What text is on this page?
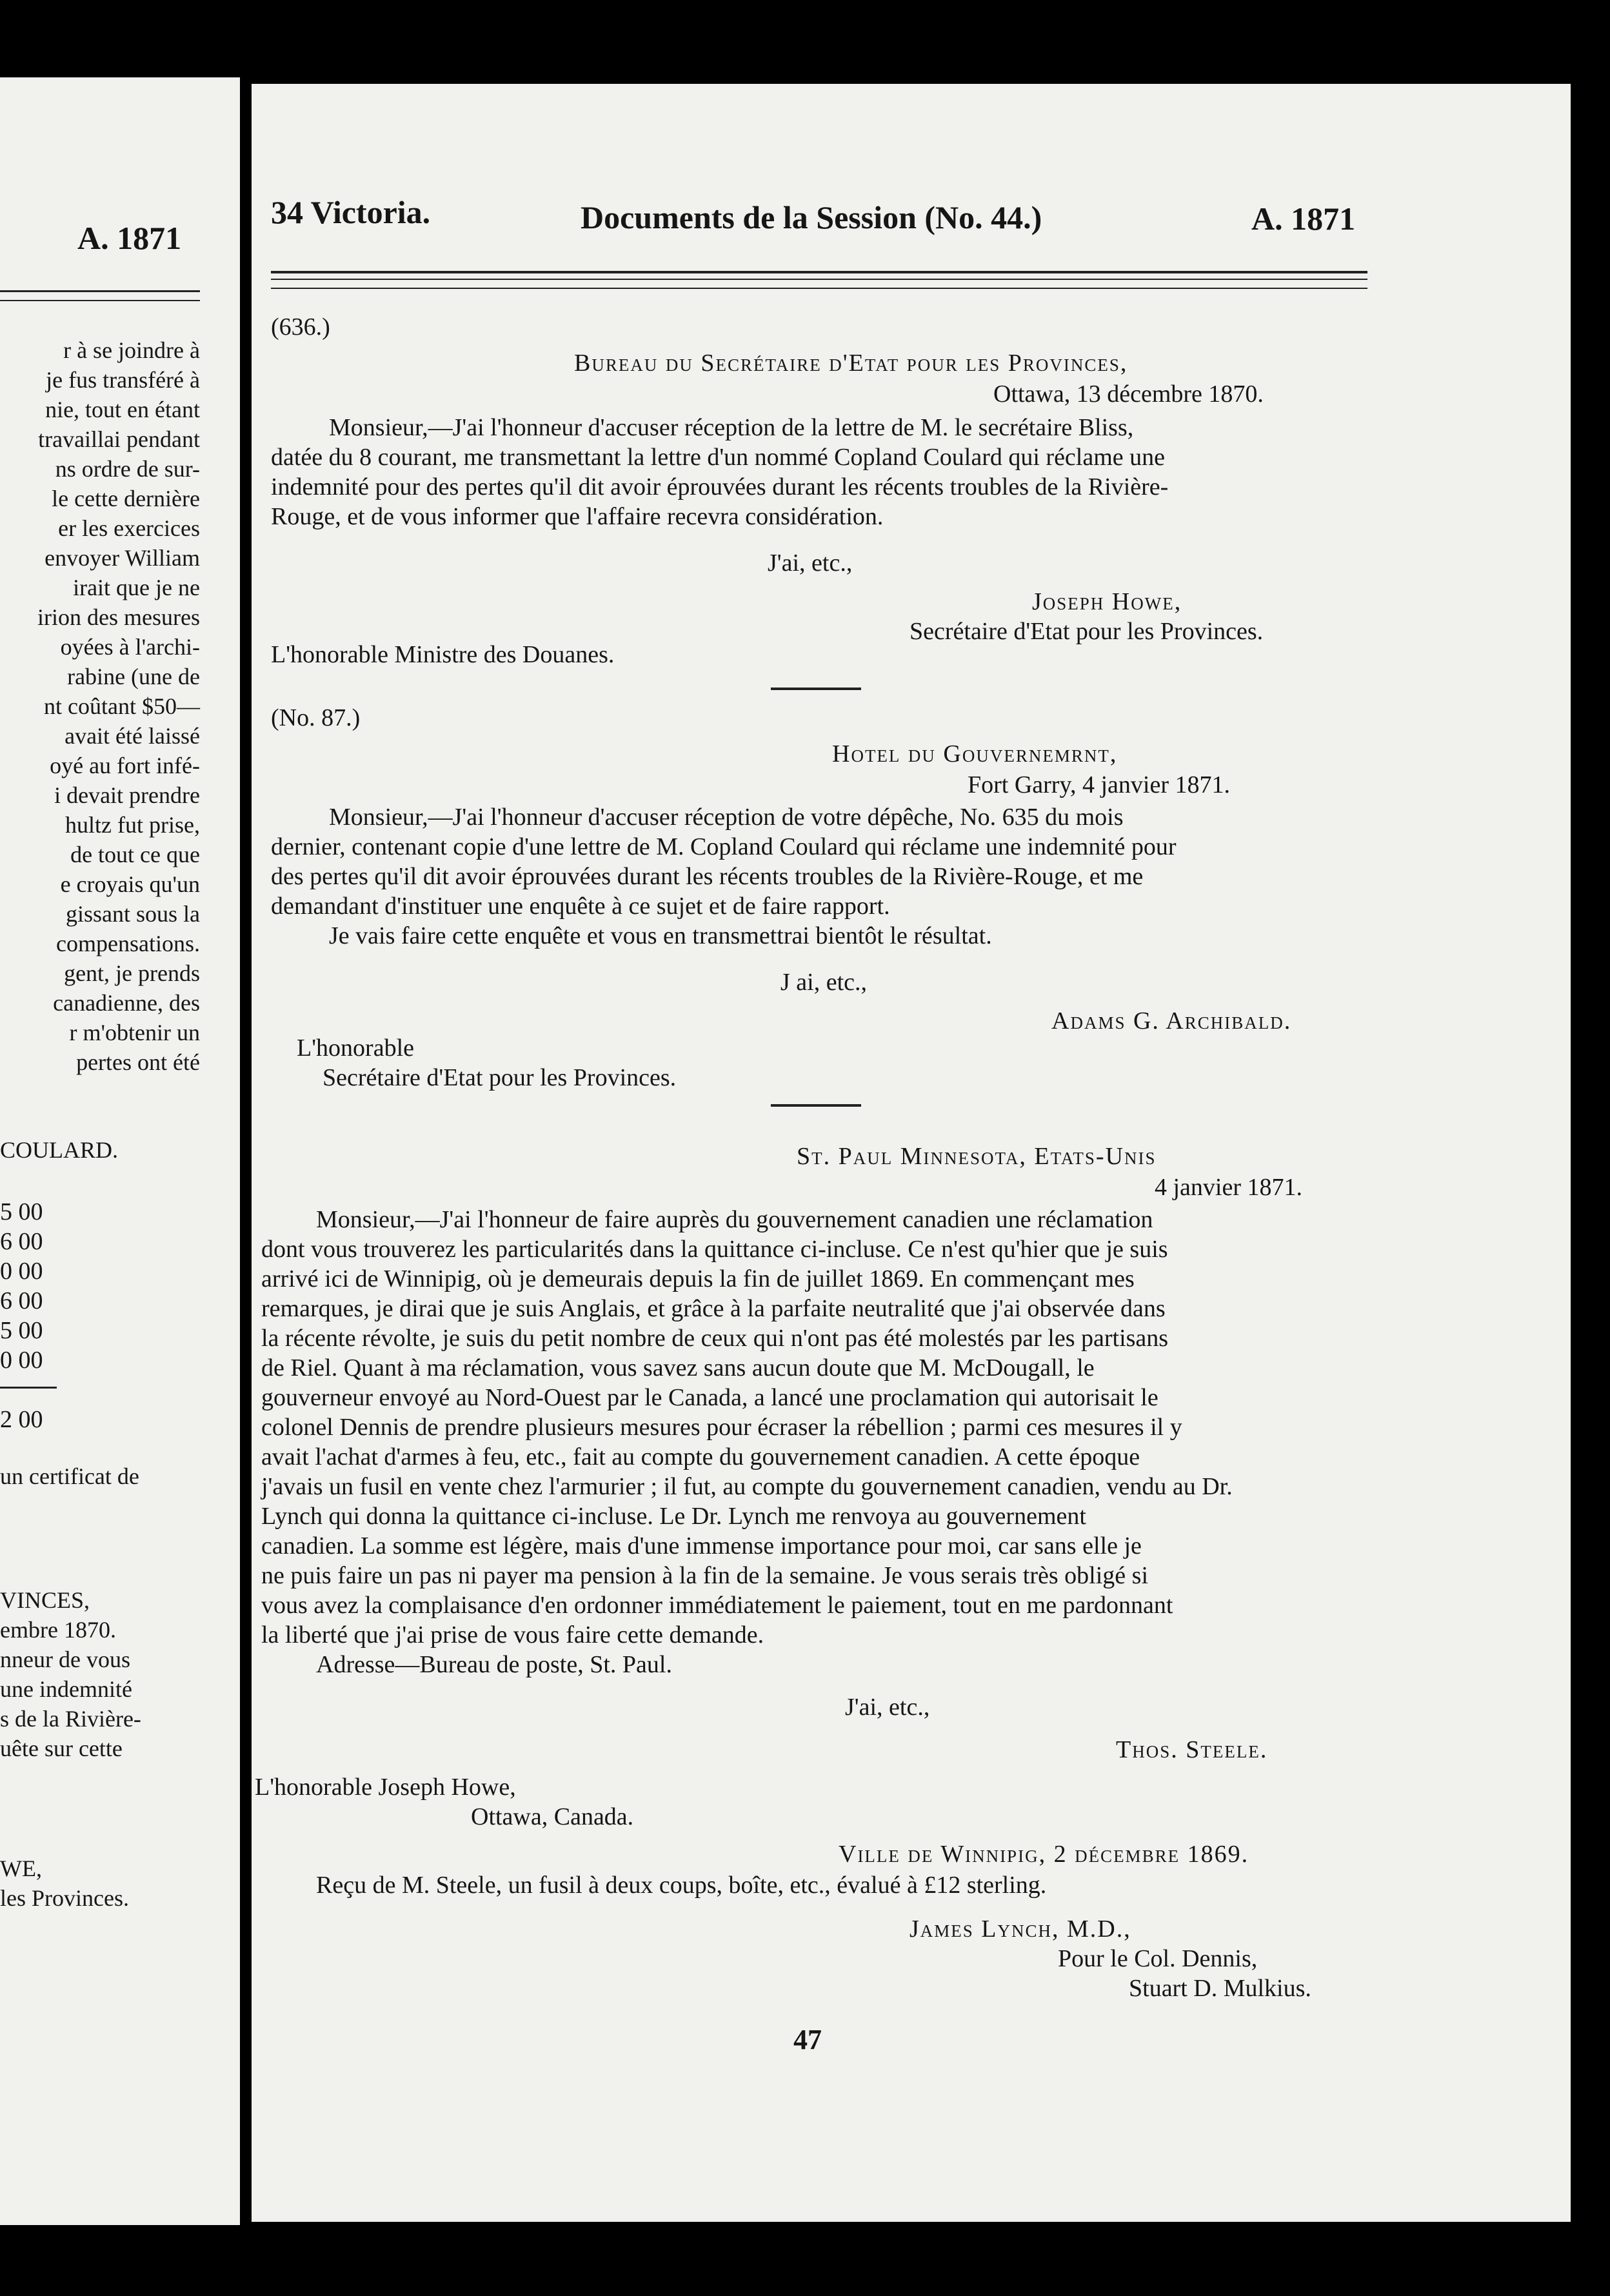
A. 1871
r à se joindre à
je fus transféré à
nie, tout en étant
travaillai pendant
ns ordre de sur-
le cette dernière
er les exercices
envoyer William
irait que je ne
irion des mesures
oyées à l'archi-
rabine (une de
nt coûtant $50—
avait été laissé
oyé au fort infé-
i devait prendre
hultz fut prise,
de tout ce que
e croyais qu'un
gissant sous la
compensations.
gent, je prends
canadienne, des
r m'obtenir un
pertes ont été
COULARD.
5 00
6 00
0 00
6 00
5 00
0 00
2 00
un certificat de
VINCES,
embre 1870.
nneur de vous
une indemnité
s de la Rivière-
uête sur cette
WE,
les Provinces.
34 Victoria.	Documents de la Session (No. 44.)	A. 1871
(636.)
Bureau du Secrétaire d'Etat pour les Provinces,
Ottawa, 13 décembre 1870.
Monsieur,—J'ai l'honneur d'accuser réception de la lettre de M. le secrétaire Bliss,
datée du 8 courant, me transmettant la lettre d'un nommé Copland Coulard qui réclame une
indemnité pour des pertes qu'il dit avoir éprouvées durant les récents troubles de la Rivière-
Rouge, et de vous informer que l'affaire recevra considération.
J'ai, etc.,
Joseph Howe,
Secrétaire d'Etat pour les Provinces.
L'honorable Ministre des Douanes.
(No. 87.)
Hotel du Gouvernemrnt,
Fort Garry, 4 janvier 1871.
Monsieur,—J'ai l'honneur d'accuser réception de votre dépêche, No. 635 du mois
dernier, contenant copie d'une lettre de M. Copland Coulard qui réclame une indemnité pour
des pertes qu'il dit avoir éprouvées durant les récents troubles de la Rivière-Rouge, et me
demandant d'instituer une enquête à ce sujet et de faire rapport.
Je vais faire cette enquête et vous en transmettrai bientôt le résultat.
J ai, etc.,
Adams G. Archibald.
L'honorable
Secrétaire d'Etat pour les Provinces.
St. Paul Minnesota, Etats-Unis
4 janvier 1871.
Monsieur,—J'ai l'honneur de faire auprès du gouvernement canadien une réclamation
dont vous trouverez les particularités dans la quittance ci-incluse. Ce n'est qu'hier que je suis
arrivé ici de Winnipig, où je demeurais depuis la fin de juillet 1869. En commençant mes
remarques, je dirai que je suis Anglais, et grâce à la parfaite neutralité que j'ai observée dans
la récente révolte, je suis du petit nombre de ceux qui n'ont pas été molestés par les partisans
de Riel. Quant à ma réclamation, vous savez sans aucun doute que M. McDougall, le
gouverneur envoyé au Nord-Ouest par le Canada, a lancé une proclamation qui autorisait le
colonel Dennis de prendre plusieurs mesures pour écraser la rébellion ; parmi ces mesures il y
avait l'achat d'armes à feu, etc., fait au compte du gouvernement canadien. A cette époque
j'avais un fusil en vente chez l'armurier ; il fut, au compte du gouvernement canadien, vendu au Dr.
Lynch qui donna la quittance ci-incluse. Le Dr. Lynch me renvoya au gouvernement
canadien. La somme est légère, mais d'une immense importance pour moi, car sans elle je
ne puis faire un pas ni payer ma pension à la fin de la semaine. Je vous serais très obligé si
vous avez la complaisance d'en ordonner immédiatement le paiement, tout en me pardonnant
la liberté que j'ai prise de vous faire cette demande.
Adresse—Bureau de poste, St. Paul.
J'ai, etc.,
Thos. Steele.
L'honorable Joseph Howe,
Ottawa, Canada.
Ville de Winnipig, 2 décembre 1869.
Reçu de M. Steele, un fusil à deux coups, boîte, etc., évalué à £12 sterling.
James Lynch, M.D.,
Pour le Col. Dennis,
Stuart D. Mulkius.
47
